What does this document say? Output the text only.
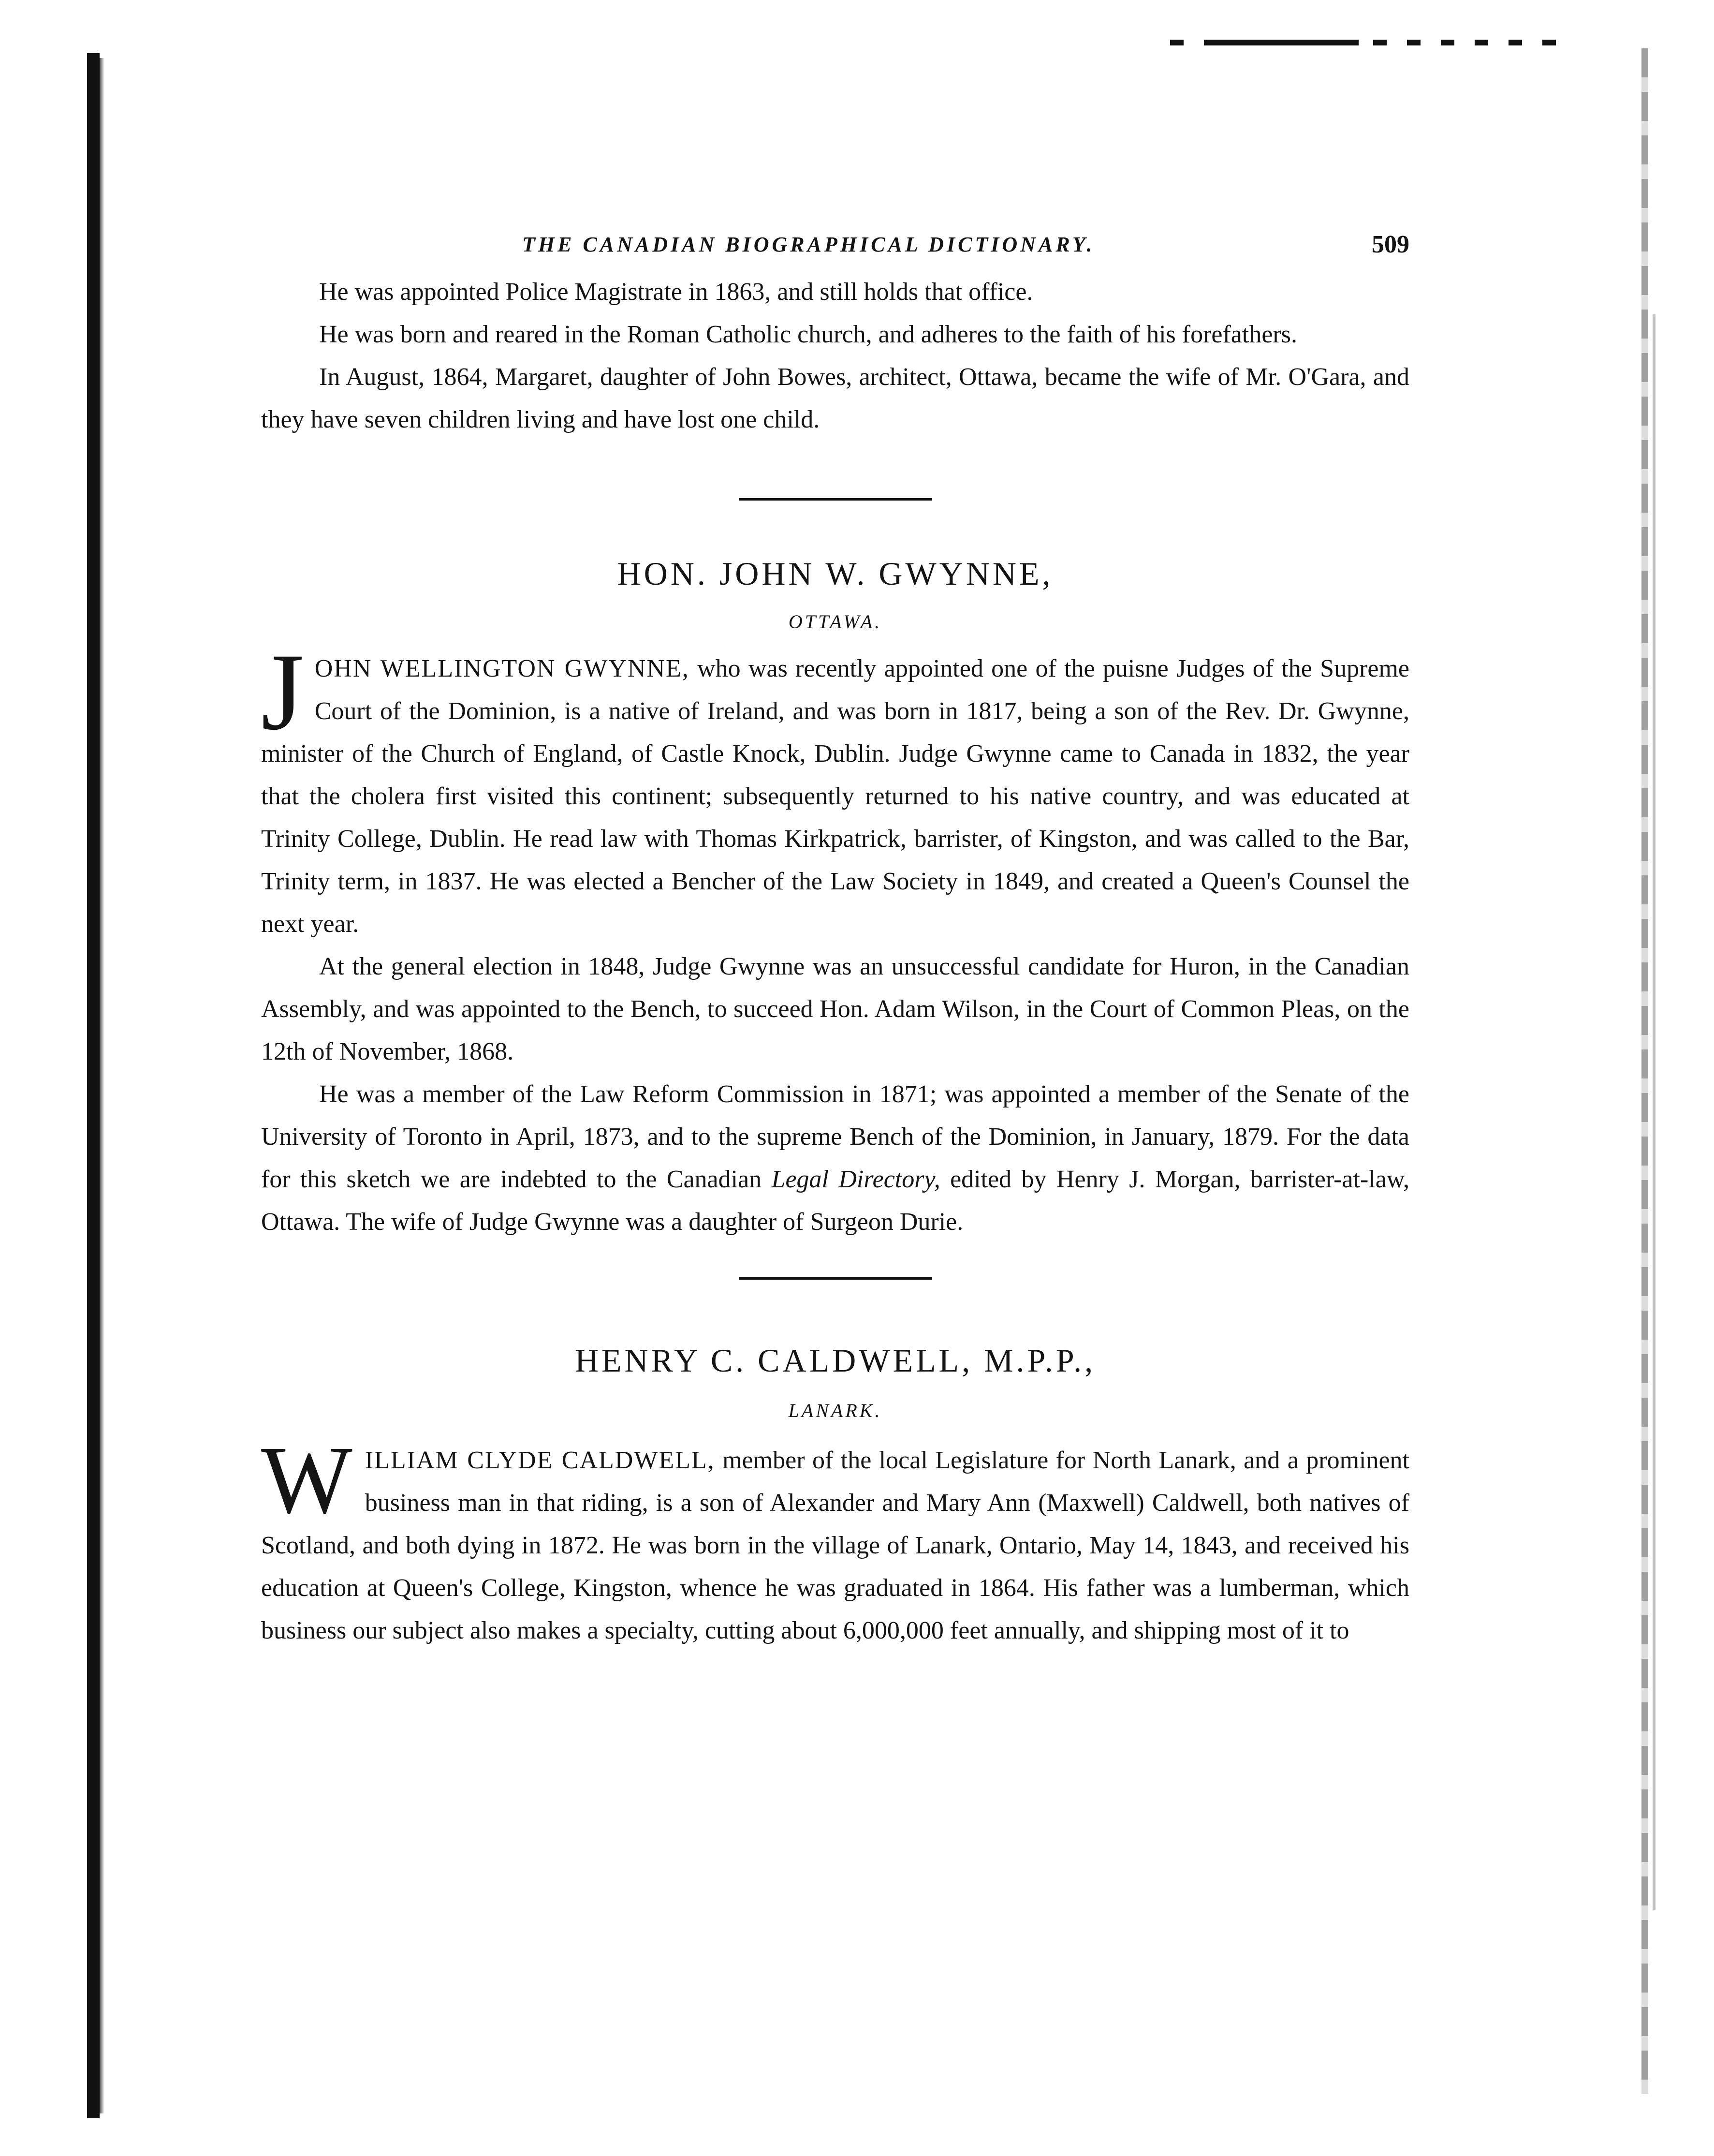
THE CANADIAN BIOGRAPHICAL DICTIONARY.	509

He was appointed Police Magistrate in 1863, and still holds that office.

He was born and reared in the Roman Catholic church, and adheres to the faith of his forefathers.

In August, 1864, Margaret, daughter of John Bowes, architect, Ottawa, became the wife of Mr. O'Gara, and they have seven children living and have lost one child.

HON. JOHN W. GWYNNE,
OTTAWA.

JOHN WELLINGTON GWYNNE, who was recently appointed one of the puisne Judges of the Supreme Court of the Dominion, is a native of Ireland, and was born in 1817, being a son of the Rev. Dr. Gwynne, minister of the Church of England, of Castle Knock, Dublin. Judge Gwynne came to Canada in 1832, the year that the cholera first visited this continent; subsequently returned to his native country, and was educated at Trinity College, Dublin. He read law with Thomas Kirkpatrick, barrister, of Kingston, and was called to the Bar, Trinity term, in 1837. He was elected a Bencher of the Law Society in 1849, and created a Queen's Counsel the next year.

At the general election in 1848, Judge Gwynne was an unsuccessful candidate for Huron, in the Canadian Assembly, and was appointed to the Bench, to succeed Hon. Adam Wilson, in the Court of Common Pleas, on the 12th of November, 1868.

He was a member of the Law Reform Commission in 1871; was appointed a member of the Senate of the University of Toronto in April, 1873, and to the supreme Bench of the Dominion, in January, 1879. For the data for this sketch we are indebted to the Canadian Legal Directory, edited by Henry J. Morgan, barrister-at-law, Ottawa. The wife of Judge Gwynne was a daughter of Surgeon Durie.

HENRY C. CALDWELL, M.P.P.,
LANARK.

WILLIAM CLYDE CALDWELL, member of the local Legislature for North Lanark, and a prominent business man in that riding, is a son of Alexander and Mary Ann (Maxwell) Caldwell, both natives of Scotland, and both dying in 1872. He was born in the village of Lanark, Ontario, May 14, 1843, and received his education at Queen's College, Kingston, whence he was graduated in 1864. His father was a lumberman, which business our subject also makes a specialty, cutting about 6,000,000 feet annually, and shipping most of it to
